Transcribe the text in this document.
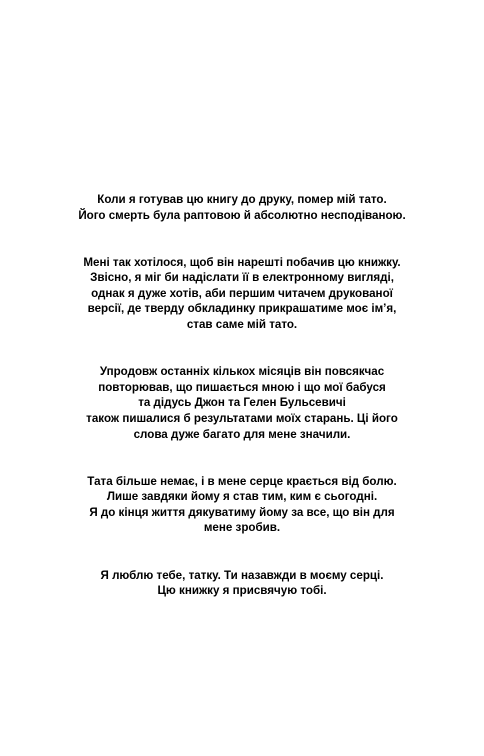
Коли я готував цю книгу до друку, помер мій тато.
Його смерть була раптовою й абсолютно несподіваною.

Мені так хотілося, щоб він нарешті побачив цю книжку.
Звісно, я міг би надіслати її в електронному вигляді,
однак я дуже хотів, аби першим читачем друкованої
версії, де тверду обкладинку прикрашатиме моє ім’я,
став саме мій тато.

Упродовж останніх кількох місяців він повсякчас
повторював, що пишається мною і що мої бабуся
та дідусь Джон та Гелен Бульсевичі
також пишалися б результатами моїх старань. Ці його
слова дуже багато для мене значили.

Тата більше немає, і в мене серце крається від болю.
Лише завдяки йому я став тим, ким є сьогодні.
Я до кінця життя дякуватиму йому за все, що він для
мене зробив.

Я люблю тебе, татку. Ти назавжди в моєму серці.
Цю книжку я присвячую тобі.
